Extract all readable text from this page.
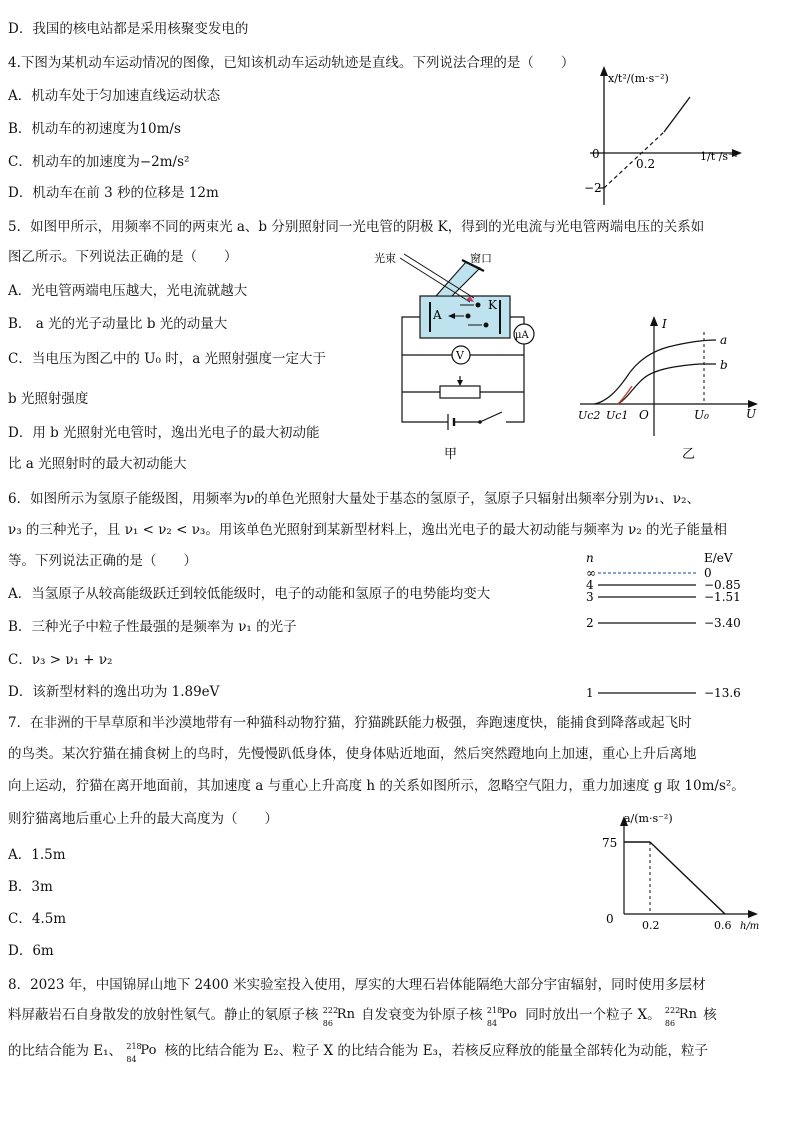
D．我国的核电站都是采用核聚变发电的
4.下图为某机动车运动情况的图像，已知该机动车运动轨迹是直线。下列说法合理的是（　　）
A．机动车处于匀加速直线运动状态
B．机动车的初速度为10m/s
C．机动车的加速度为−2m/s²
D．机动车在前 3 秒的位移是 12m
x/t²/(m·s⁻²)
1/t /s⁻¹
0
0.2
−2
5．如图甲所示，用频率不同的两束光 a、b 分别照射同一光电管的阴极 K，得到的光电流与光电管两端电压的关系如
图乙所示。下列说法正确的是（　　）
A．光电管两端电压越大，光电流就越大
B． a 光的光子动量比 b 光的动量大
C．当电压为图乙中的 U₀ 时，a 光照射强度一定大于
b 光照射强度
D．用 b 光照射光电管时，逸出光电子的最大初动能
比 a 光照射时的最大初动能大
光束	窗口
A
K
μA
V
甲
I
U
a
b
Uc2 Uc1 O	U₀
乙
6．如图所示为氢原子能级图，用频率为ν的单色光照射大量处于基态的氢原子，氢原子只辐射出频率分别为ν₁、ν₂、
ν₃ 的三种光子，且 ν₁ < ν₂ < ν₃。用该单色光照射到某新型材料上，逸出光电子的最大初动能与频率为 ν₂ 的光子能量相
等。下列说法正确的是（　　）
A．当氢原子从较高能级跃迁到较低能级时，电子的动能和氢原子的电势能均变大
B．三种光子中粒子性最强的是频率为 ν₁ 的光子
C．ν₃ > ν₁ + ν₂
D．该新型材料的逸出功为 1.89eV
n	E/eV
∞	0
4	−0.85
3	−1.51
2	−3.40
1	−13.6
7．在非洲的干旱草原和半沙漠地带有一种猫科动物狞猫，狞猫跳跃能力极强，奔跑速度快，能捕食到降落或起飞时
的鸟类。某次狞猫在捕食树上的鸟时，先慢慢趴低身体，使身体贴近地面，然后突然蹬地向上加速，重心上升后离地
向上运动，狞猫在离开地面前，其加速度 a 与重心上升高度 h 的关系如图所示，忽略空气阻力，重力加速度 g 取 10m/s²。
则狞猫离地后重心上升的最大高度为（　　）
A．1.5m
B．3m
C．4.5m
D．6m
a/(m·s⁻²)
h/m
0
75
0.2	0.6
8．2023 年，中国锦屏山地下 2400 米实验室投入使用，厚实的大理石岩体能隔绝大部分宇宙辐射，同时使用多层材
料屏蔽岩石自身散发的放射性氡气。静止的氡原子核 222
86
Rn 自发衰变为钋原子核 218
84
Po 同时放出一个粒子 X。 222
86
Rn 核
的比结合能为 E₁、 218
84
Po 核的比结合能为 E₂、粒子 X 的比结合能为 E₃，若核反应释放的能量全部转化为动能，粒子
